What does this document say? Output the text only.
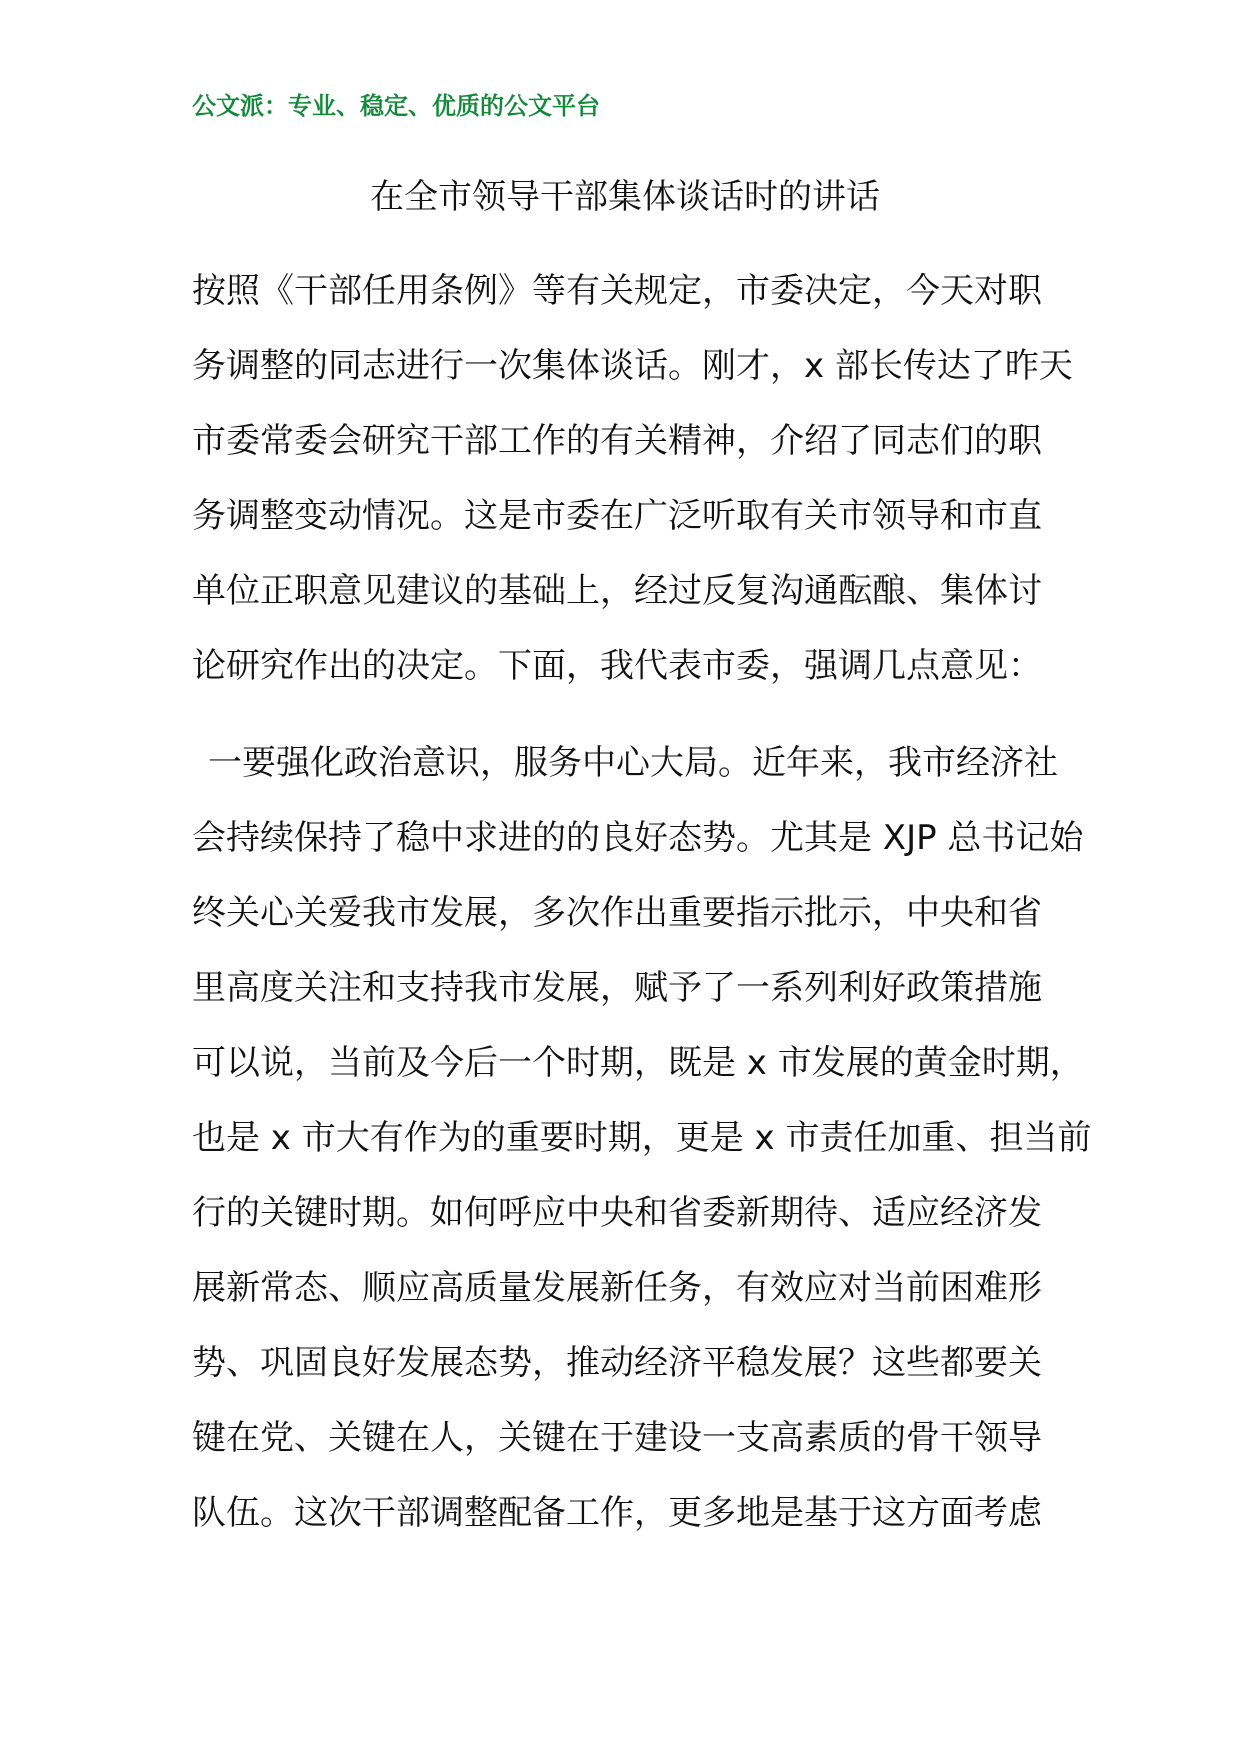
公文派：专业、稳定、优质的公文平台
在全市领导干部集体谈话时的讲话
按照《干部任用条例》等有关规定，市委决定，今天对职
务调整的同志进行一次集体谈话。刚才，x 部长传达了昨天
市委常委会研究干部工作的有关精神，介绍了同志们的职
务调整变动情况。这是市委在广泛听取有关市领导和市直
单位正职意见建议的基础上，经过反复沟通酝酿、集体讨
论研究作出的决定。下面，我代表市委，强调几点意见：
一要强化政治意识，服务中心大局。近年来，我市经济社
会持续保持了稳中求进的的良好态势。尤其是 XJP 总书记始
终关心关爱我市发展，多次作出重要指示批示，中央和省
里高度关注和支持我市发展，赋予了一系列利好政策措施
可以说，当前及今后一个时期，既是 x 市发展的黄金时期，
也是 x 市大有作为的重要时期，更是 x 市责任加重、担当前
行的关键时期。如何呼应中央和省委新期待、适应经济发
展新常态、顺应高质量发展新任务，有效应对当前困难形
势、巩固良好发展态势，推动经济平稳发展？这些都要关
键在党、关键在人，关键在于建设一支高素质的骨干领导
队伍。这次干部调整配备工作，更多地是基于这方面考虑
